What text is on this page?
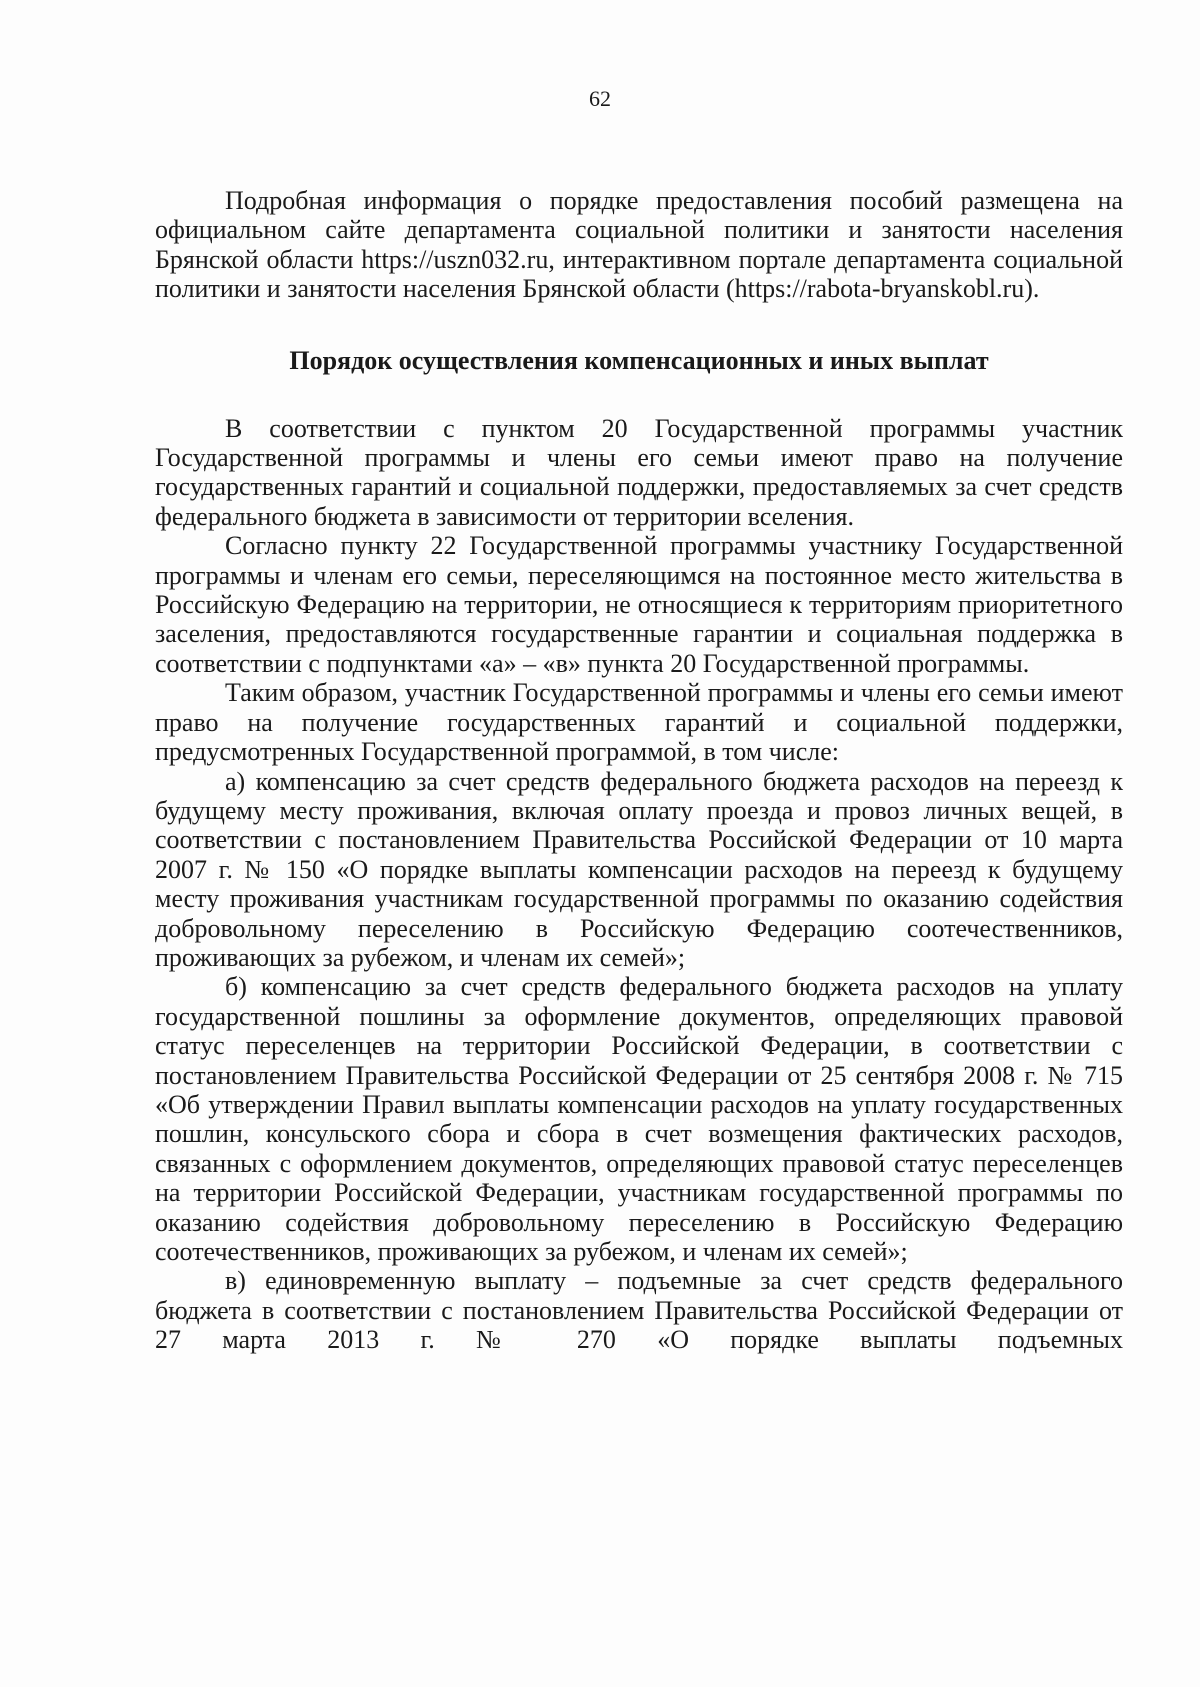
62

Подробная информация о порядке предоставления пособий размещена на официальном сайте департамента социальной политики и занятости населения Брянской области https://uszn032.ru, интерактивном портале департамента социальной политики и занятости населения Брянской области (https://rabota-bryanskobl.ru).

Порядок осуществления компенсационных и иных выплат

В соответствии с пунктом 20 Государственной программы участник Государственной программы и члены его семьи имеют право на получение государственных гарантий и социальной поддержки, предоставляемых за счет средств федерального бюджета в зависимости от территории вселения.

Согласно пункту 22 Государственной программы участнику Государственной программы и членам его семьи, переселяющимся на постоянное место жительства в Российскую Федерацию на территории, не относящиеся к территориям приоритетного заселения, предоставляются государственные гарантии и социальная поддержка в соответствии с подпунктами «а» – «в» пункта 20 Государственной программы.

Таким образом, участник Государственной программы и члены его семьи имеют право на получение государственных гарантий и социальной поддержки, предусмотренных Государственной программой, в том числе:

а) компенсацию за счет средств федерального бюджета расходов на переезд к будущему месту проживания, включая оплату проезда и провоз личных вещей, в соответствии с постановлением Правительства Российской Федерации от 10 марта 2007 г. № 150 «О порядке выплаты компенсации расходов на переезд к будущему месту проживания участникам государственной программы по оказанию содействия добровольному переселению в Российскую Федерацию соотечественников, проживающих за рубежом, и членам их семей»;

б) компенсацию за счет средств федерального бюджета расходов на уплату государственной пошлины за оформление документов, определяющих правовой статус переселенцев на территории Российской Федерации, в соответствии с постановлением Правительства Российской Федерации от 25 сентября 2008 г. № 715 «Об утверждении Правил выплаты компенсации расходов на уплату государственных пошлин, консульского сбора и сбора в счет возмещения фактических расходов, связанных с оформлением документов, определяющих правовой статус переселенцев на территории Российской Федерации, участникам государственной программы по оказанию содействия добровольному переселению в Российскую Федерацию соотечественников, проживающих за рубежом, и членам их семей»;

в) единовременную выплату – подъемные за счет средств федерального бюджета в соответствии с постановлением Правительства Российской Федерации от 27 марта 2013 г. № 270 «О порядке выплаты подъемных
